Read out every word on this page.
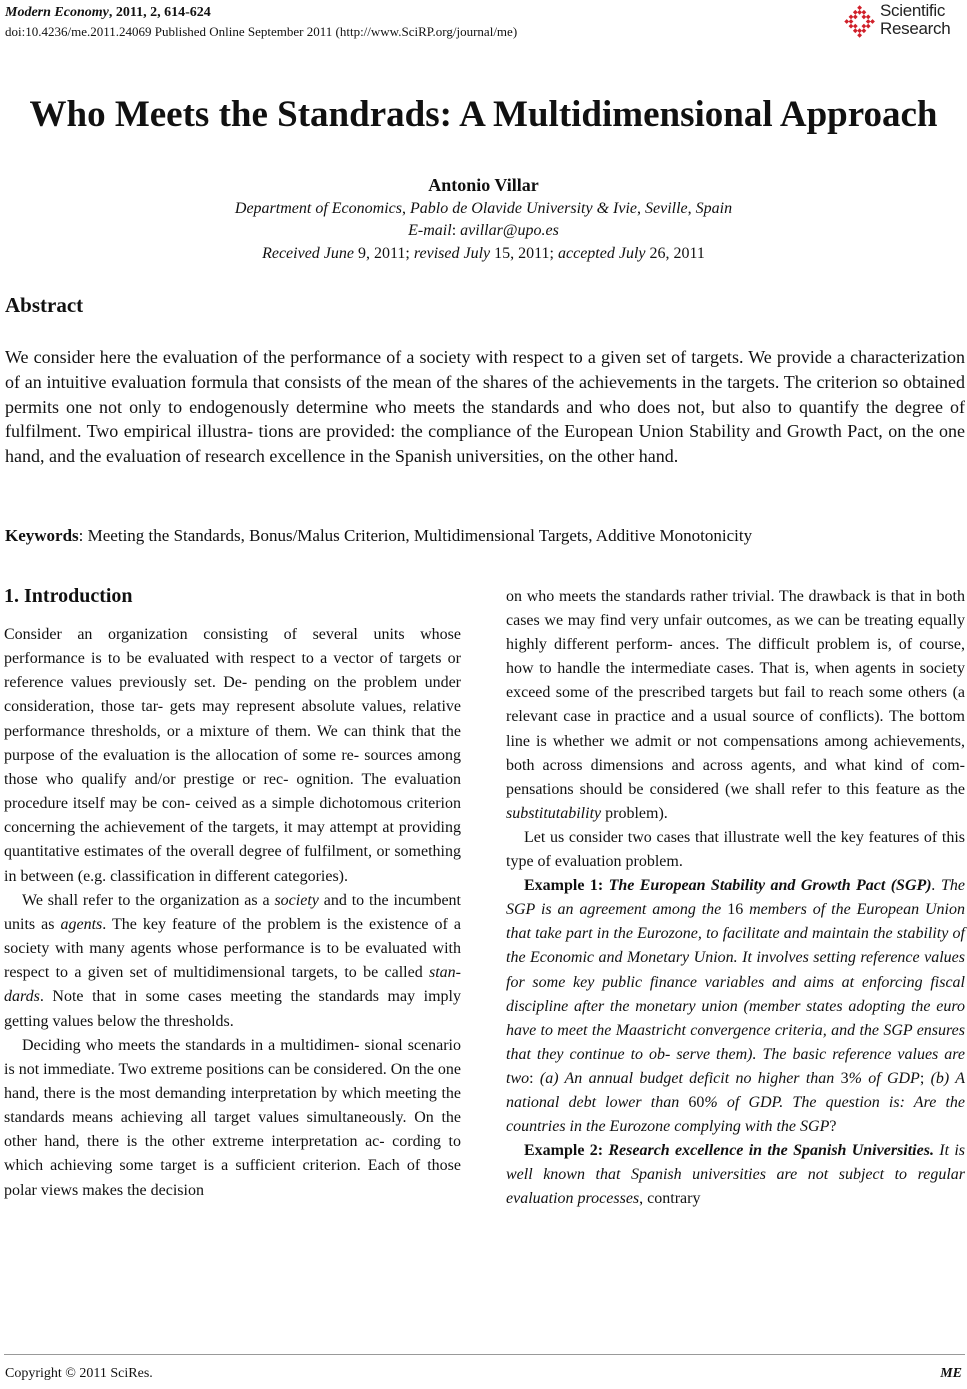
Modern Economy, 2011, 2, 614-624
doi:10.4236/me.2011.24069 Published Online September 2011 (http://www.SciRP.org/journal/me)
Scientific
Research
Who Meets the Standrads: A Multidimensional Approach
Antonio Villar
Department of Economics, Pablo de Olavide University & Ivie, Seville, Spain
E-mail: avillar@upo.es
Received June 9, 2011; revised July 15, 2011; accepted July 26, 2011
Abstract

We consider here the evaluation of the performance of a society with respect to a given set of targets. We provide a characterization of an intuitive evaluation formula that consists of the mean of the shares of the achievements in the targets. The criterion so obtained permits one not only to endogenously determine who meets the standards and who does not, but also to quantify the degree of fulfilment. Two empirical illustra- tions are provided: the compliance of the European Union Stability and Growth Pact, on the one hand, and the evaluation of research excellence in the Spanish universities, on the other hand.

Keywords: Meeting the Standards, Bonus/Malus Criterion, Multidimensional Targets, Additive Monotonicity
1. Introduction

Consider an organization consisting of several units whose performance is to be evaluated with respect to a vector of targets or reference values previously set. De- pending on the problem under consideration, those tar- gets may represent absolute values, relative performance thresholds, or a mixture of them. We can think that the purpose of the evaluation is the allocation of some re- sources among those who qualify and/or prestige or rec- ognition. The evaluation procedure itself may be con- ceived as a simple dichotomous criterion concerning the achievement of the targets, it may attempt at providing quantitative estimates of the overall degree of fulfilment, or something in between (e.g. classification in different categories).

We shall refer to the organization as a society and to the incumbent units as agents. The key feature of the problem is the existence of a society with many agents whose performance is to be evaluated with respect to a given set of multidimensional targets, to be called stan- dards. Note that in some cases meeting the standards may imply getting values below the thresholds.

Deciding who meets the standards in a multidimen- sional scenario is not immediate. Two extreme positions can be considered. On the one hand, there is the most demanding interpretation by which meeting the standards means achieving all target values simultaneously. On the other hand, there is the other extreme interpretation ac- cording to which achieving some target is a sufficient criterion. Each of those polar views makes the decision

on who meets the standards rather trivial. The drawback is that in both cases we may find very unfair outcomes, as we can be treating equally highly different perform- ances. The difficult problem is, of course, how to handle the intermediate cases. That is, when agents in society exceed some of the prescribed targets but fail to reach some others (a relevant case in practice and a usual source of conflicts). The bottom line is whether we admit or not compensations among achievements, both across dimensions and across agents, and what kind of com- pensations should be considered (we shall refer to this feature as the substitutability problem).

Let us consider two cases that illustrate well the key features of this type of evaluation problem.

Example 1: The European Stability and Growth Pact (SGP). The SGP is an agreement among the 16 members of the European Union that take part in the Eurozone, to facilitate and maintain the stability of the Economic and Monetary Union. It involves setting reference values for some key public finance variables and aims at enforcing fiscal discipline after the monetary union (member states adopting the euro have to meet the Maastricht convergence criteria, and the SGP ensures that they continue to ob- serve them). The basic reference values are two: (a) An annual budget deficit no higher than 3% of GDP; (b) A national debt lower than 60% of GDP. The question is: Are the countries in the Eurozone complying with the SGP?

Example 2: Research excellence in the Spanish Universities. It is well known that Spanish universities are not subject to regular evaluation processes, contrary

Copyright © 2011 SciRes.	ME
